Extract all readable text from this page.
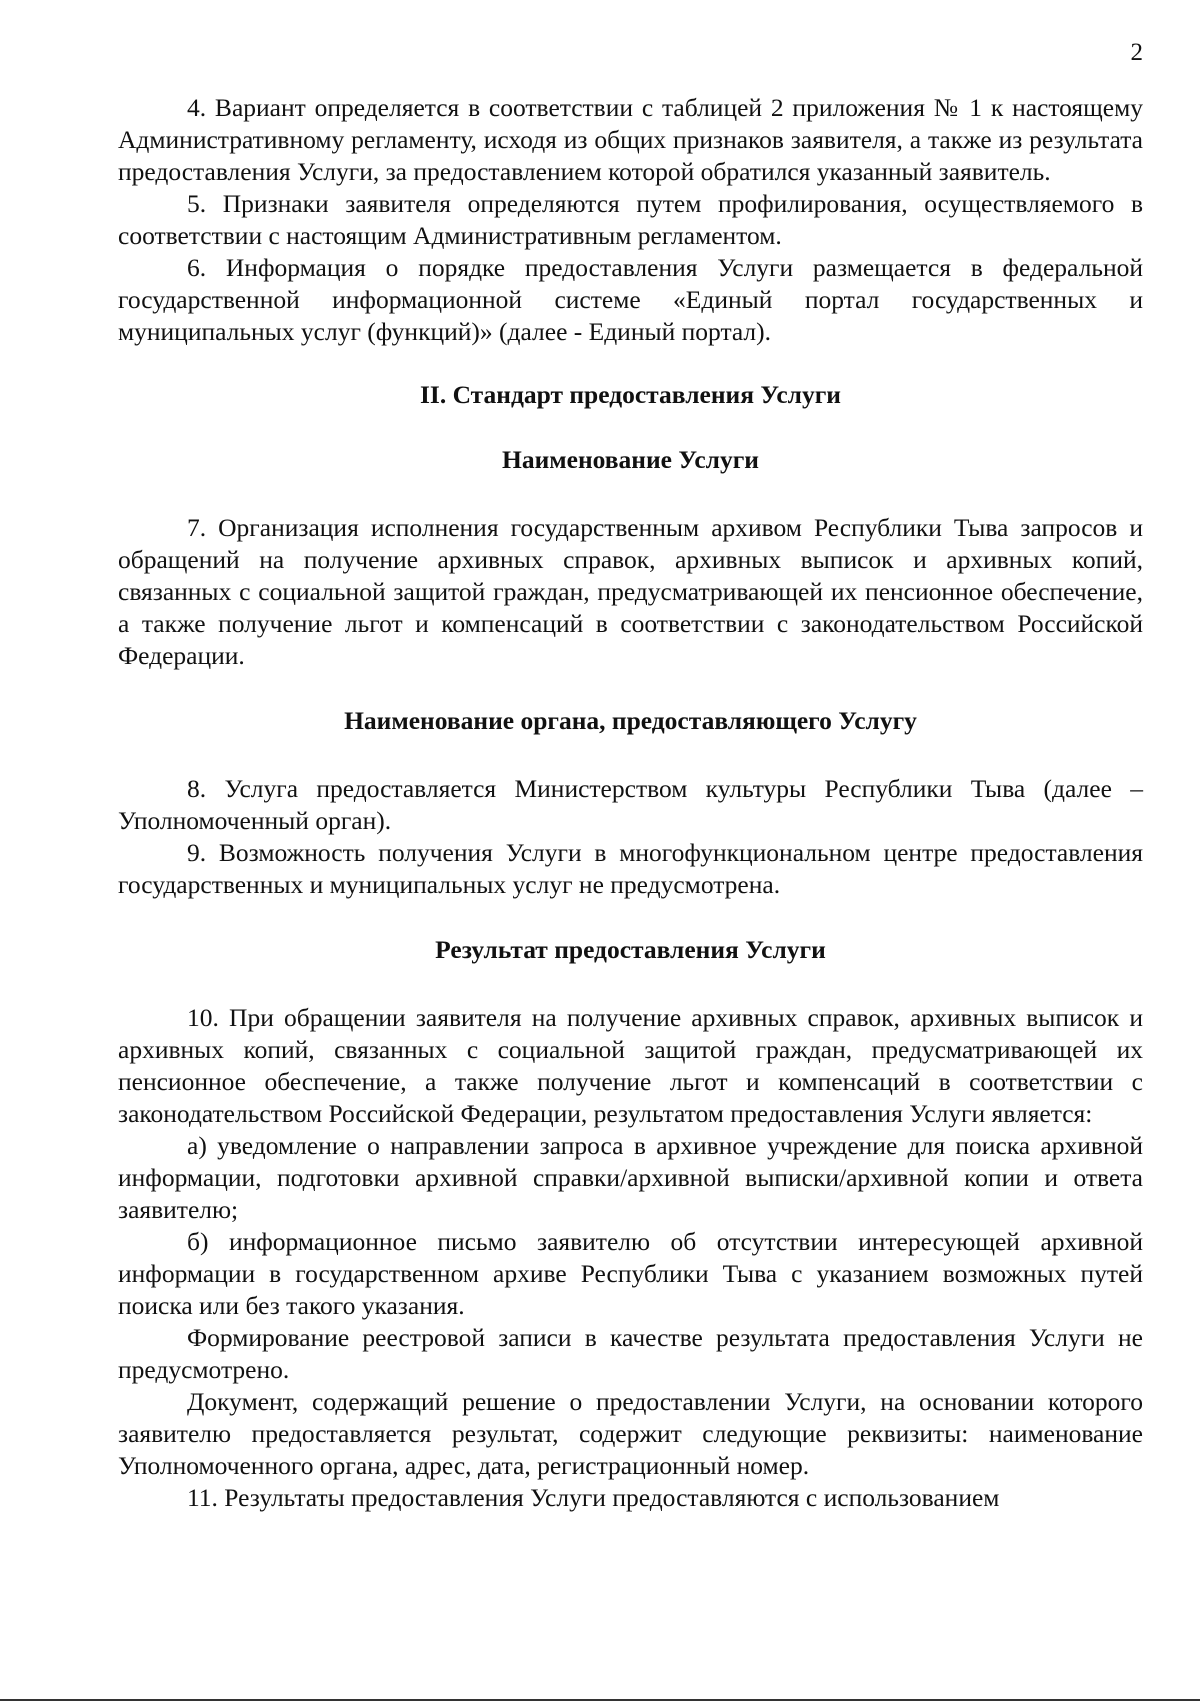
2

4. Вариант определяется в соответствии с таблицей 2 приложения № 1 к настоящему Административному регламенту, исходя из общих признаков заявителя, а также из результата предоставления Услуги, за предоставлением которой обратился указанный заявитель.

5. Признаки заявителя определяются путем профилирования, осуществляемого в соответствии с настоящим Административным регламентом.

6. Информация о порядке предоставления Услуги размещается в федеральной государственной информационной системе «Единый портал государственных и муниципальных услуг (функций)» (далее - Единый портал).

II. Стандарт предоставления Услуги

Наименование Услуги

7. Организация исполнения государственным архивом Республики Тыва запросов и обращений на получение архивных справок, архивных выписок и архивных копий, связанных с социальной защитой граждан, предусматривающей их пенсионное обеспечение, а также получение льгот и компенсаций в соответствии с законодательством Российской Федерации.

Наименование органа, предоставляющего Услугу

8. Услуга предоставляется Министерством культуры Республики Тыва (далее – Уполномоченный орган).

9. Возможность получения Услуги в многофункциональном центре предоставления государственных и муниципальных услуг не предусмотрена.

Результат предоставления Услуги

10. При обращении заявителя на получение архивных справок, архивных выписок и архивных копий, связанных с социальной защитой граждан, предусматривающей их пенсионное обеспечение, а также получение льгот и компенсаций в соответствии с законодательством Российской Федерации, результатом предоставления Услуги является:

а) уведомление о направлении запроса в архивное учреждение для поиска архивной информации, подготовки архивной справки/архивной выписки/архивной копии и ответа заявителю;

б) информационное письмо заявителю об отсутствии интересующей архивной информации в государственном архиве Республики Тыва с указанием возможных путей поиска или без такого указания.

Формирование реестровой записи в качестве результата предоставления Услуги не предусмотрено.

Документ, содержащий решение о предоставлении Услуги, на основании которого заявителю предоставляется результат, содержит следующие реквизиты: наименование Уполномоченного органа, адрес, дата, регистрационный номер.

11. Результаты предоставления Услуги предоставляются с использованием
